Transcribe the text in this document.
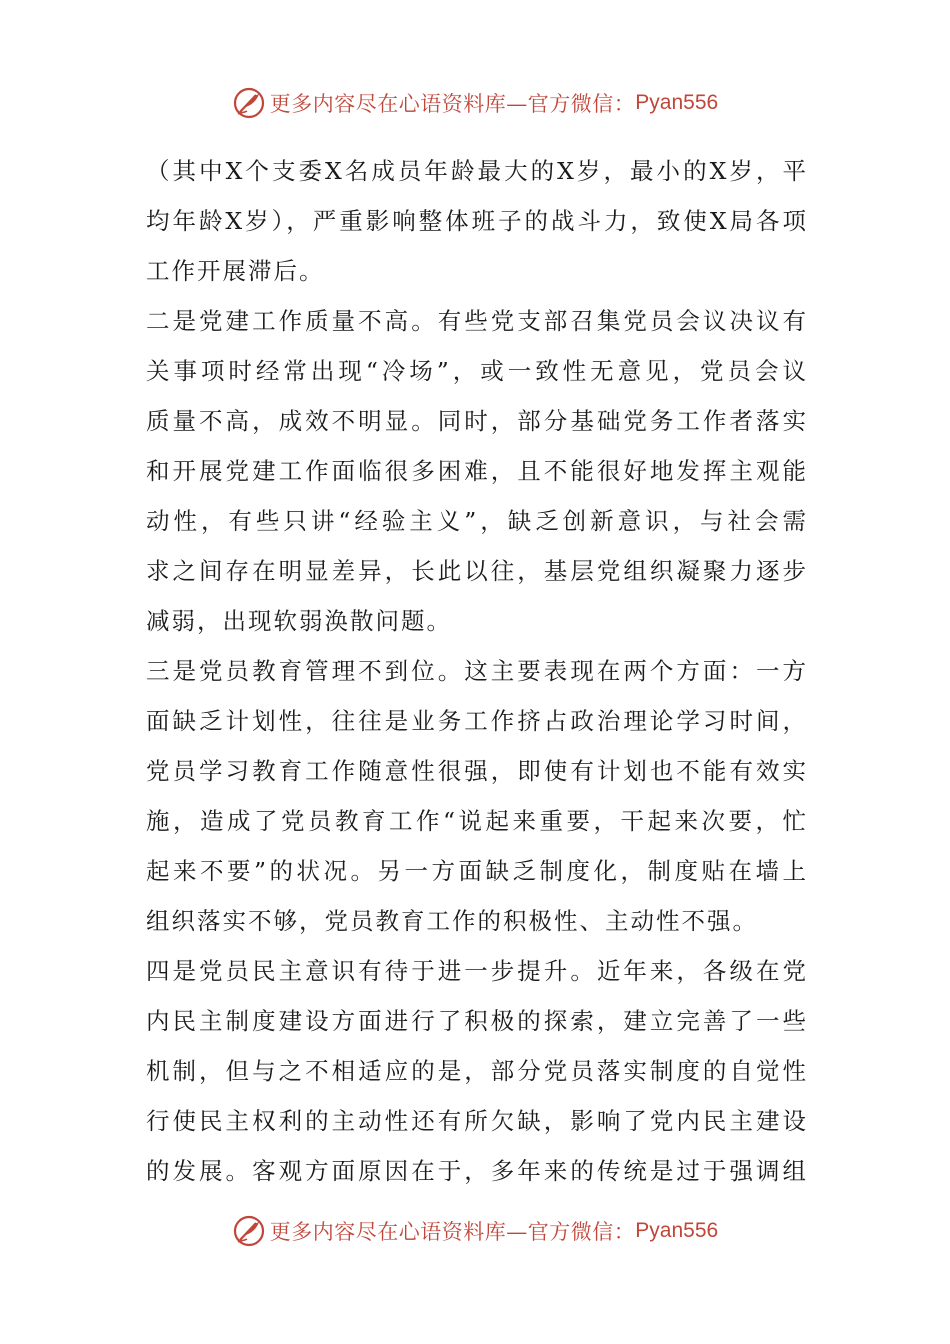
更多内容尽在心语资料库—官方微信： Pyan556
（其中X个支委X名成员年龄最大的X岁，最小的X岁，平
均年龄X岁），严重影响整体班子的战斗力，致使X局各项
工作开展滞后。
二是党建工作质量不高。有些党支部召集党员会议决议有
关事项时经常出现“冷场”，或一致性无意见，党员会议
质量不高，成效不明显。同时，部分基础党务工作者落实
和开展党建工作面临很多困难，且不能很好地发挥主观能
动性，有些只讲“经验主义”，缺乏创新意识，与社会需
求之间存在明显差异，长此以往，基层党组织凝聚力逐步
减弱，出现软弱涣散问题。
三是党员教育管理不到位。这主要表现在两个方面：一方
面缺乏计划性，往往是业务工作挤占政治理论学习时间，
党员学习教育工作随意性很强，即使有计划也不能有效实
施，造成了党员教育工作“说起来重要，干起来次要，忙
起来不要”的状况。另一方面缺乏制度化，制度贴在墙上
组织落实不够，党员教育工作的积极性、主动性不强。
四是党员民主意识有待于进一步提升。近年来，各级在党
内民主制度建设方面进行了积极的探索，建立完善了一些
机制，但与之不相适应的是，部分党员落实制度的自觉性
行使民主权利的主动性还有所欠缺，影响了党内民主建设
的发展。客观方面原因在于，多年来的传统是过于强调组
更多内容尽在心语资料库—官方微信： Pyan556
